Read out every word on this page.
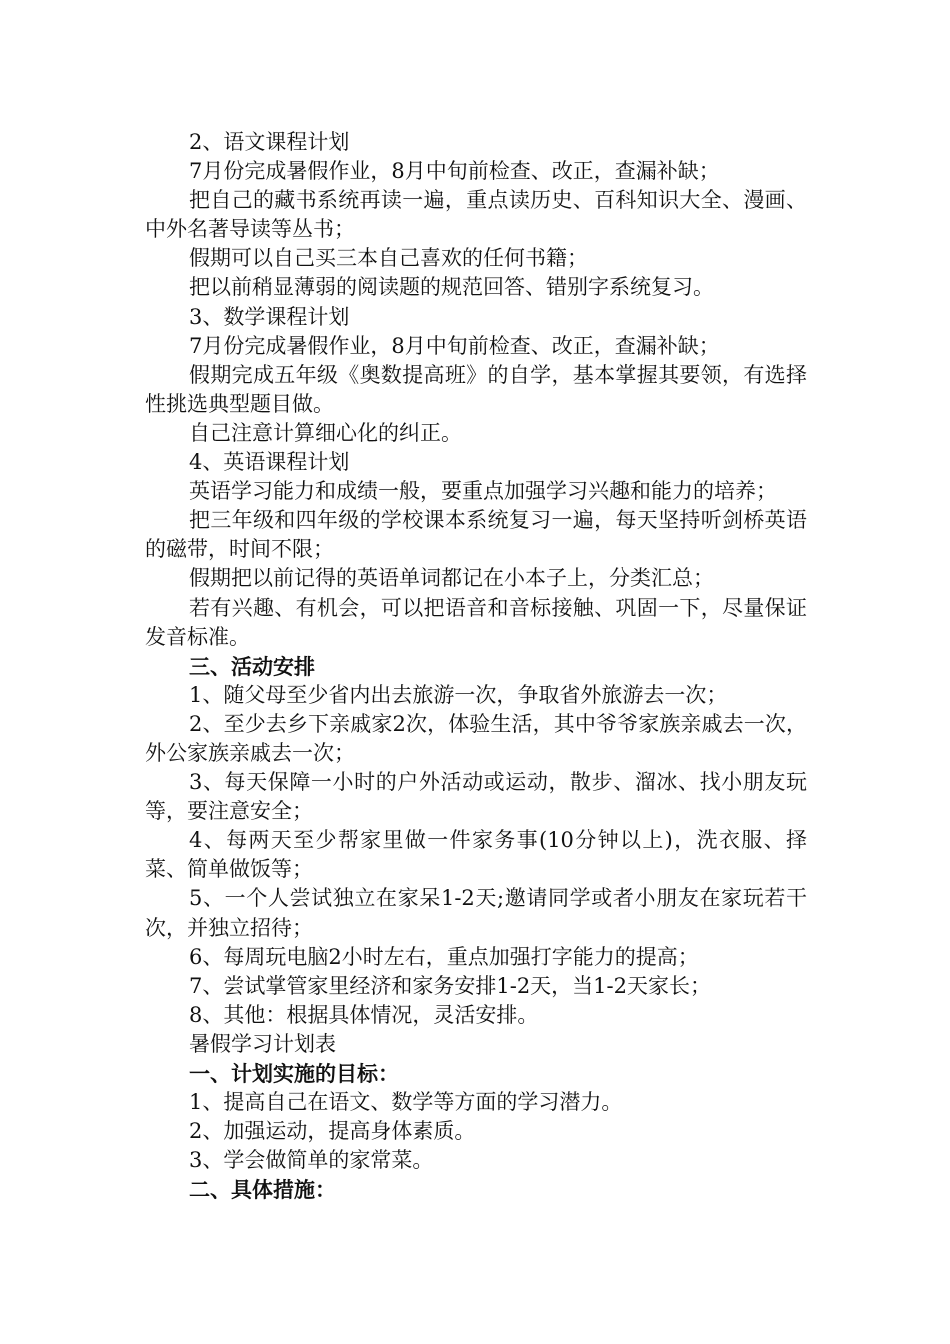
2、语文课程计划

7月份完成暑假作业，8月中旬前检查、改正，查漏补缺；

把自己的藏书系统再读一遍，重点读历史、百科知识大全、漫画、中外名著导读等丛书；

假期可以自己买三本自己喜欢的任何书籍；

把以前稍显薄弱的阅读题的规范回答、错别字系统复习。

3、数学课程计划

7月份完成暑假作业，8月中旬前检查、改正，查漏补缺；

假期完成五年级《奥数提高班》的自学，基本掌握其要领，有选择性挑选典型题目做。

自己注意计算细心化的纠正。

4、英语课程计划

英语学习能力和成绩一般，要重点加强学习兴趣和能力的培养；

把三年级和四年级的学校课本系统复习一遍，每天坚持听剑桥英语的磁带，时间不限；

假期把以前记得的英语单词都记在小本子上，分类汇总；

若有兴趣、有机会，可以把语音和音标接触、巩固一下，尽量保证发音标准。

三、活动安排

1、随父母至少省内出去旅游一次，争取省外旅游去一次；

2、至少去乡下亲戚家2次，体验生活，其中爷爷家族亲戚去一次，外公家族亲戚去一次；

3、每天保障一小时的户外活动或运动，散步、溜冰、找小朋友玩等，要注意安全；

4、每两天至少帮家里做一件家务事(10分钟以上)，洗衣服、择菜、简单做饭等；

5、一个人尝试独立在家呆1-2天;邀请同学或者小朋友在家玩若干次，并独立招待；

6、每周玩电脑2小时左右，重点加强打字能力的提高；

7、尝试掌管家里经济和家务安排1-2天，当1-2天家长；

8、其他：根据具体情况，灵活安排。

暑假学习计划表

一、计划实施的目标：

1、提高自己在语文、数学等方面的学习潜力。

2、加强运动，提高身体素质。

3、学会做简单的家常菜。

二、具体措施：
